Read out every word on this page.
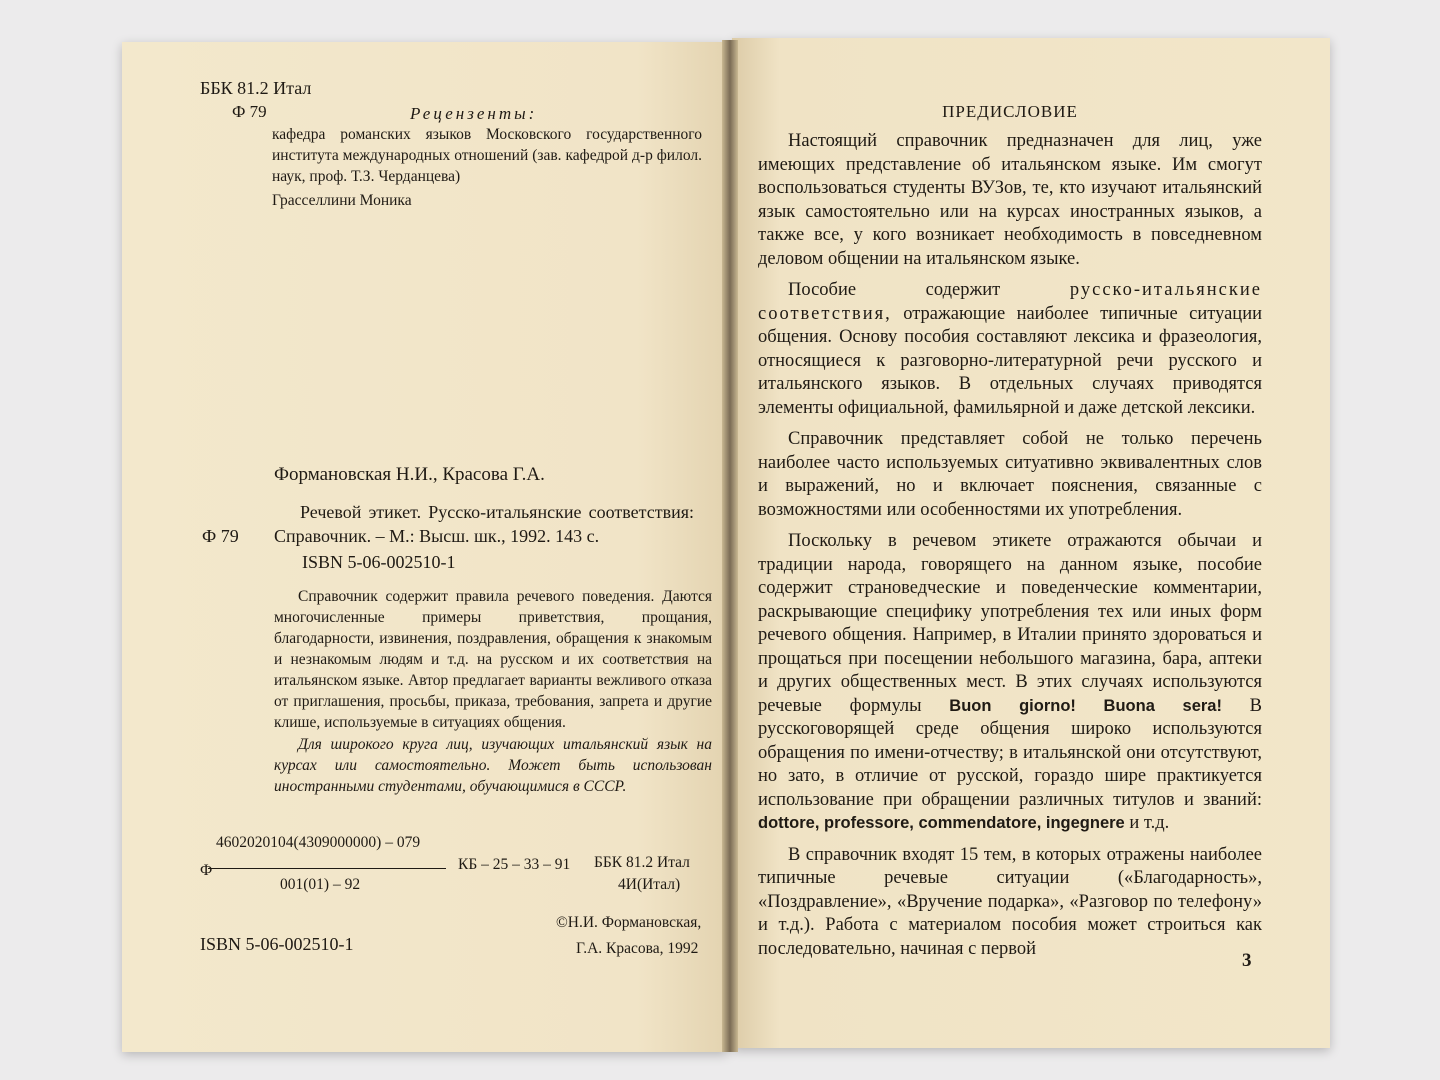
ББК 81.2 Итал
Ф 79	Рецензенты:
кафедра романских языков Московского государственного института международных отношений (зав. кафедрой д-р филол. наук, проф. Т.З. Черданцева)
Грасселлини Моника
Формановская Н.И., Красова Г.А.
Ф 79
Речевой этикет. Русско-итальянские соответствия: Справочник. – М.: Высш. шк., 1992. 143 с.
ISBN 5-06-002510-1
Справочник содержит правила речевого поведения. Даются многочисленные примеры приветствия, прощания, благодарности, извинения, поздравления, обращения к знакомым и незнакомым людям и т.д. на русском и их соответствия на итальянском языке. Автор предлагает варианты вежливого отказа от приглашения, просьбы, приказа, требования, запрета и другие клише, используемые в ситуациях общения.
Для широкого круга лиц, изучающих итальянский язык на курсах или самостоятельно. Может быть использован иностранными студентами, обучающимися в СССР.
4602020104(4309000000) – 079
Ф
001(01) – 92
КБ – 25 – 33 – 91 ББК 81.2 Итал
4И(Итал)
ISBN 5-06-002510-1
©Н.И. Формановская,
Г.А. Красова, 1992
ПРЕДИСЛОВИЕ

Настоящий справочник предназначен для лиц, уже имеющих представление об итальянском языке. Им смогут воспользоваться студенты ВУЗов, те, кто изучают итальянский язык самостоятельно или на курсах иностранных языков, а также все, у кого возникает необходимость в повседневном деловом общении на итальянском языке.

Пособие содержит	русско-итальянские соответствия, отражающие наиболее типичные ситуации общения. Основу пособия составляют лексика и фразеология, относящиеся к разговорно-литературной речи русского и итальянского языков. В отдельных случаях приводятся элементы официальной, фамильярной и даже детской лексики.

Справочник представляет собой не только перечень наиболее часто используемых ситуативно эквивалентных слов и выражений, но и включает пояснения, связанные с возможностями или особенностями их употребления.

Поскольку в речевом этикете отражаются обычаи и традиции народа, говорящего на данном языке, пособие содержит страноведческие и поведенческие комментарии, раскрывающие специфику употребления тех или иных форм речевого общения. Например, в Италии принято здороваться и прощаться при посещении небольшого магазина, бара, аптеки и других общественных мест. В этих случаях используются речевые формулы Buon giorno! Buona sera! В русскоговорящей среде общения широко используются обращения по имени-отчеству; в итальянской они отсутствуют, но зато, в отличие от русской, гораздо шире практикуется использование при обращении различных титулов и званий: dottore, professore, commendatore, ingegnere и т.д.

В справочник входят 15 тем, в которых отражены наиболее типичные речевые ситуации («Благодарность», «Поздравление», «Вручение подарка», «Разговор по телефону» и т.д.). Работа с материалом пособия может строиться как последовательно, начиная с первой

3
